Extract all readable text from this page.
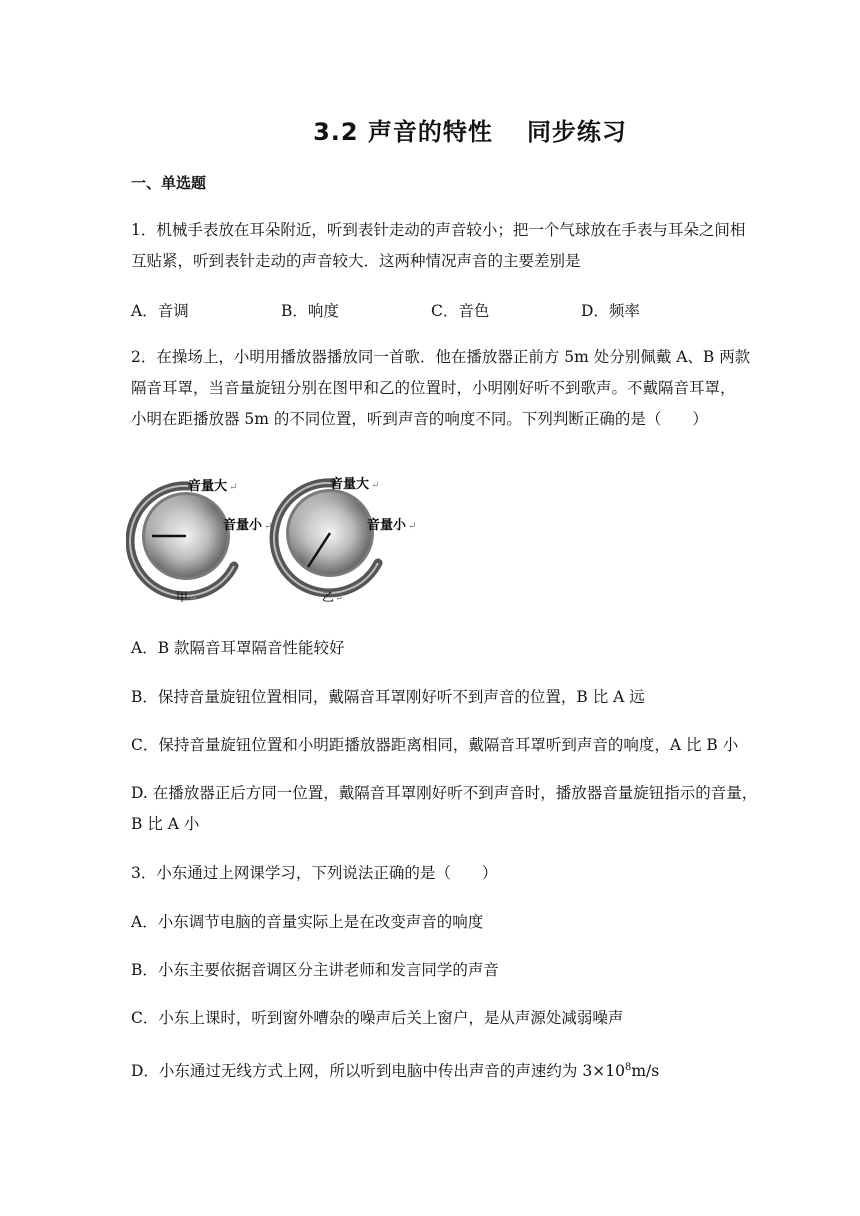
3.2 声音的特性 同步练习
一、单选题
1．机械手表放在耳朵附近，听到表针走动的声音较小；把一个气球放在手表与耳朵之间相
互贴紧，听到表针走动的声音较大．这两种情况声音的主要差别是
A．音调	B．响度	C．音色	D．频率
2．在操场上，小明用播放器播放同一首歌．他在播放器正前方 5m 处分别佩戴 A、B 两款
隔音耳罩，当音量旋钮分别在图甲和乙的位置时，小明刚好听不到歌声。不戴隔音耳罩，
小明在距播放器 5m 的不同位置，听到声音的响度不同。下列判断正确的是（　　）
音量大 ↵
音量小 ↵
甲 ↵
音量大 ↵
音量小 ↵
乙 ↵
A．B 款隔音耳罩隔音性能较好
B．保持音量旋钮位置相同，戴隔音耳罩刚好听不到声音的位置，B 比 A 远
C．保持音量旋钮位置和小明距播放器距离相同，戴隔音耳罩听到声音的响度，A 比 B 小
D. 在播放器正后方同一位置，戴隔音耳罩刚好听不到声音时，播放器音量旋钮指示的音量，
B 比 A 小
3．小东通过上网课学习，下列说法正确的是（　　）
A．小东调节电脑的音量实际上是在改变声音的响度
B．小东主要依据音调区分主讲老师和发言同学的声音
C．小东上课时，听到窗外嘈杂的噪声后关上窗户，是从声源处减弱噪声
D．小东通过无线方式上网，所以听到电脑中传出声音的声速约为 $3\times 10^8m/s$
